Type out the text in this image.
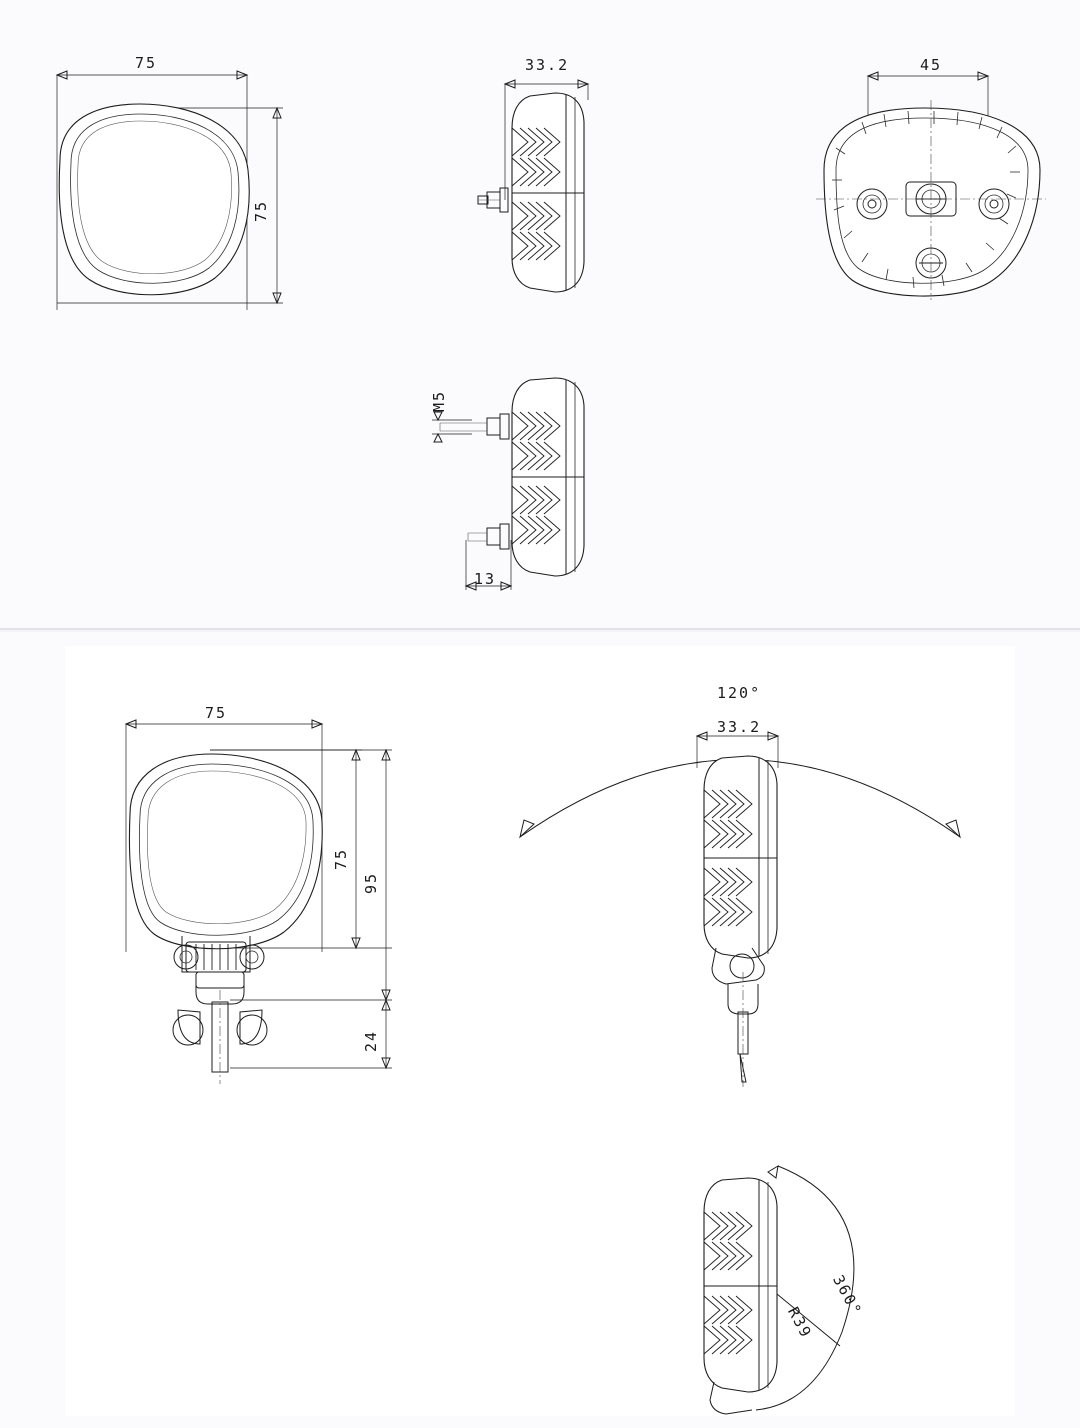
75
75
33.2	45
M5
13
75
75
95
24
120°
33.2
360°
R39
